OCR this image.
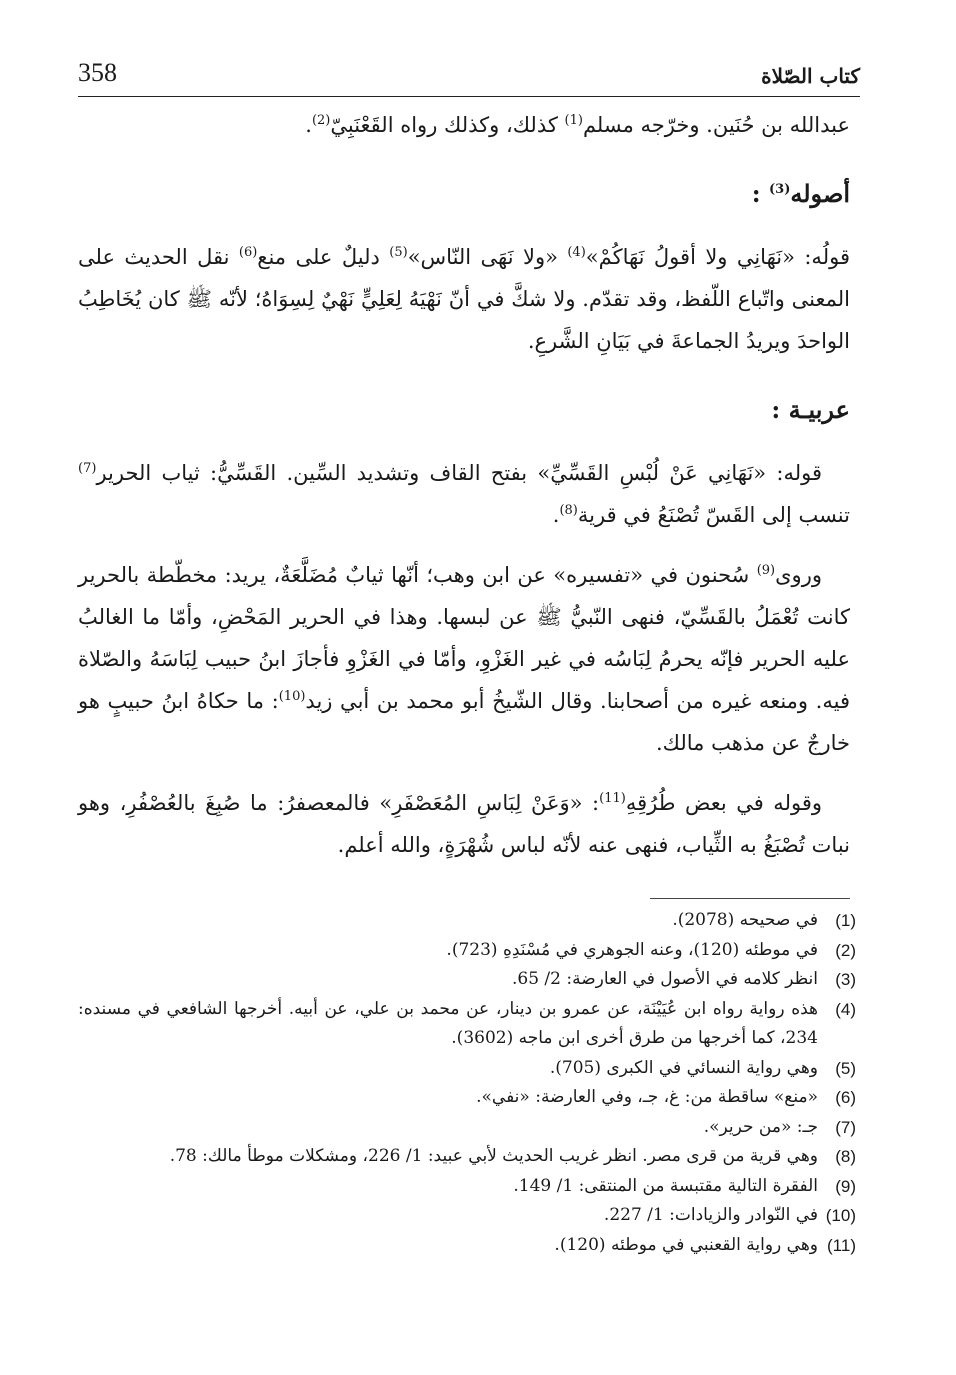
كتاب الصّلاة
358

عبدالله بن حُنَين. وخرّجه مسلم$^{(1)}$ كذلك، وكذلك رواه القَعْنَبِيّ$^{(2)}$.

أصوله$^{(3)}$ :

قولُه: «نَهَانِي ولا أقولُ نَهَاكُمْ»$^{(4)}$ «ولا نَهَى النّاس»$^{(5)}$ دليلٌ على منع$^{(6)}$ نقل الحديث على المعنى واتّباع اللّفظ، وقد تقدّم. ولا شكَّ في أنّ نَهْيَهُ لِعَلِيٍّ نَهْيٌ لِسِوَاهُ؛ لأنّه ﷺ كان يُخَاطِبُ الواحدَ ويريدُ الجماعةَ في بَيَانِ الشَّرعِ.

عربيـة :

قوله: «نَهَانِي عَنْ لُبْسِ القَسِّيِّ» بفتح القاف وتشديد السِّين. القَسِّيُّ: ثياب الحرير$^{(7)}$ تنسب إلى القَسّ تُصْنَعُ في قرية$^{(8)}$.

وروى$^{(9)}$ سُحنون في «تفسيره» عن ابن وهب؛ أنّها ثيابٌ مُضَلَّعَةٌ، يريد: مخطّطة بالحرير كانت تُعْمَلُ بالقَسِّيّ، فنهى النّبيُّ ﷺ عن لبسها. وهذا في الحرير المَحْضِ، وأمّا ما الغالبُ عليه الحرير فإنّه يحرمُ لِبَاسُه في غير الغَزْوِ، وأمّا في الغَزْوِ فأجازَ ابنُ حبيب لِبَاسَهُ والصّلاة فيه. ومنعه غيره من أصحابنا. وقال الشّيخُ أبو محمد بن أبي زيد$^{(10)}$: ما حكاهُ ابنُ حبيبٍ هو خارجٌ عن مذهب مالك.

وقوله في بعض طُرُقِهِ$^{(11)}$: «وَعَنْ لِبَاسِ المُعَصْفَرِ» فالمعصفرُ: ما صُبِغَ بالعُصْفُرِ، وهو نبات تُصْبَغُ به الثِّياب، فنهى عنه لأنّه لباس شُهْرَةٍ، والله أعلم.

(1)
في صحيحه (2078).
(2)
في موطئه (120)، وعنه الجوهري في مُسْنَدِهِ (723).
(3)
انظر كلامه في الأصول في العارضة: 2/ 65.
(4)
هذه رواية رواه ابن عُيَيْنَة، عن عمرو بن دينار، عن محمد بن علي، عن أبيه. أخرجها الشافعي في مسنده: 234، كما أخرجها من طرق أخرى ابن ماجه (3602).
(5)
وهي رواية النسائي في الكبرى (705).
(6)
«منع» ساقطة من: غ، جـ، وفي العارضة: «نفي».
(7)
جـ: «من حرير».
(8)
وهي قرية من قرى مصر. انظر غريب الحديث لأبي عبيد: 1/ 226، ومشكلات موطأ مالك: 78.
(9)
الفقرة التالية مقتبسة من المنتقى: 1/ 149.
(10)
في النّوادر والزيادات: 1/ 227.
(11)
وهي رواية القعنبي في موطئه (120).
